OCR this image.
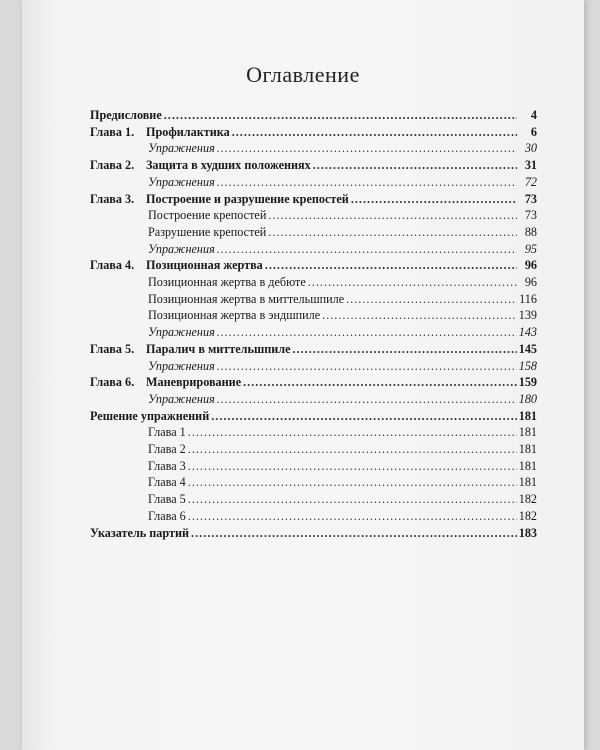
Оглавление
Предисловие .....	4
Глава 1. Профилактика .....	6
Упражнения .....	30
Глава 2. Защита в худших положениях .....	31
Упражнения .....	72
Глава 3. Построение и разрушение крепостей .....	73
Построение крепостей .....	73
Разрушение крепостей .....	88
Упражнения .....	95
Глава 4. Позиционная жертва .....	96
Позиционная жертва в дебюте .....	96
Позиционная жертва в миттельшпиле .....	116
Позиционная жертва в эндшпиле .....	139
Упражнения .....	143
Глава 5. Паралич в миттельшпиле .....	145
Упражнения .....	158
Глава 6. Маневрирование .....	159
Упражнения .....	180
Решение упражнений .....	181
Глава 1 .....	181
Глава 2 .....	181
Глава 3 .....	181
Глава 4 .....	181
Глава 5 .....	182
Глава 6 .....	182
Указатель партий .....	183
